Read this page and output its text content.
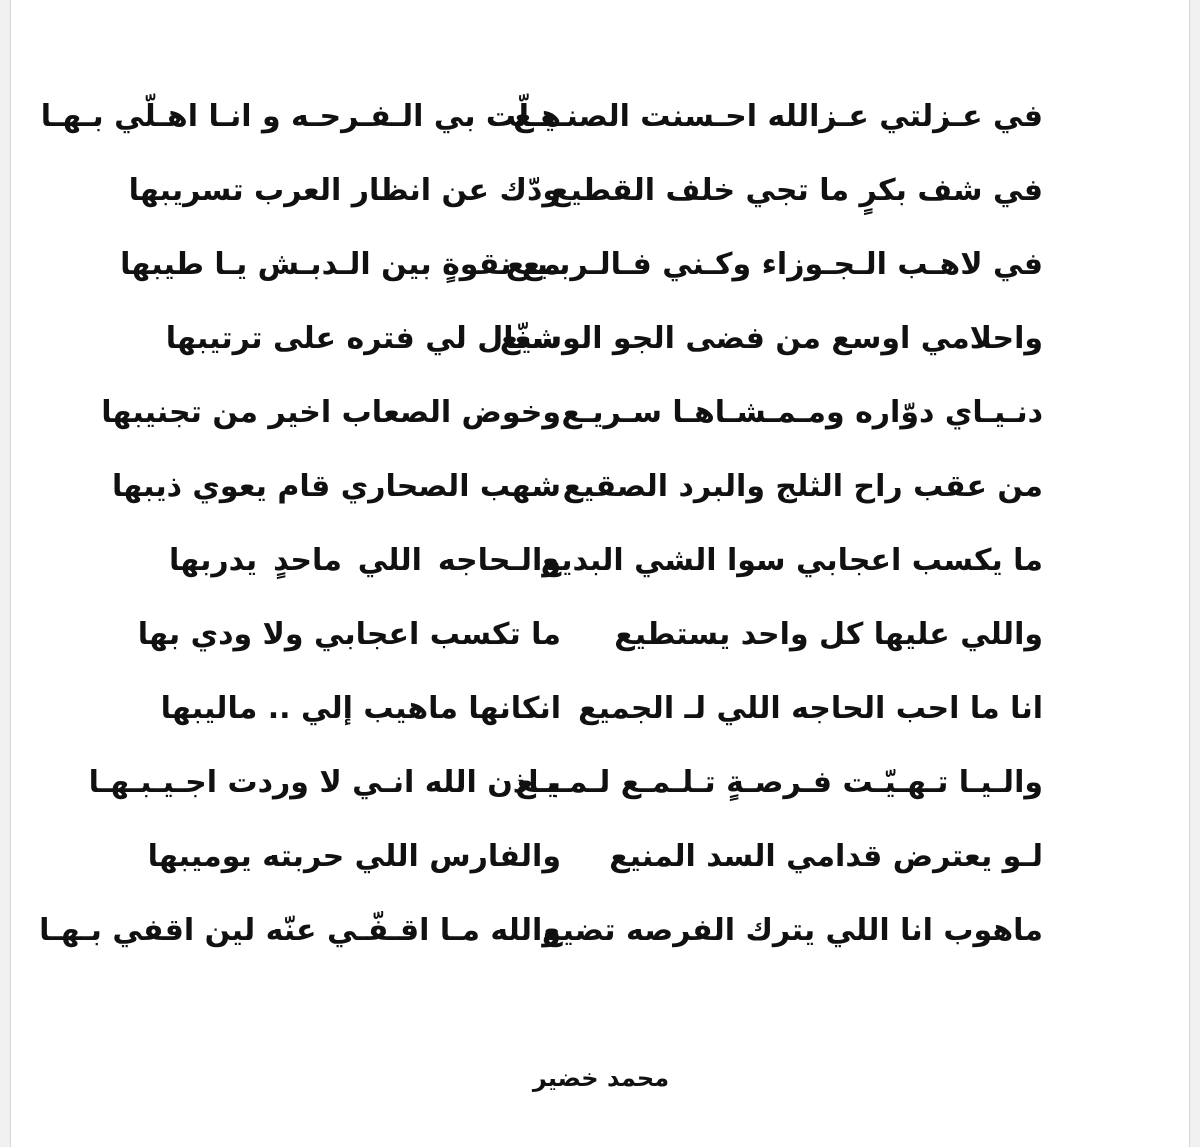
في عـزلتي عـزالله احـسنت الصنـيـع
هـلّت بي الـفـرحـه و انـا اهـلّي بـهـا
في شف بكرٍ ما تجي خلف القطيع
ودّك عن انظار العرب تسريبها
في لاهـب الـجـوزاء وكـني فـالـربـيـع
مع نقوةٍ بين الـدبـش يـا طيبها
واحلامي اوسع من فضى الجو الوسيع
شغّال لي فتره على ترتيبها
دنـيـاي دوّاره ومـمـشـاهـا سـريـع
وخوض الصعاب اخير من تجنيبها
من عقب راح الثلج والبرد الصقيع
شهب الصحاري قام يعوي ذيبها
ما يكسب اعجابي سوا الشي البديع
والـحاجه اللي ماحدٍ يدربها
واللي عليها كل واحد يستطيع
ما تكسب اعجابي ولا ودي بها
انا ما احب الحاجه اللي لـ الجميع
انكانها ماهيب إلي .. ماليبها
والـيـا تـهـيّـت فـرصـةٍ تـلـمـع لـمـيـع
بـاذن الله انـي لا وردت اجـيـبـهـا
لـو يعترض قدامي السد المنيع
والفارس اللي حربته يوميبها
ماهوب انا اللي يترك الفرصه تضيع
والله مـا اقـفّـي عنّه لين اقفي بـهـا
محمد خضير
